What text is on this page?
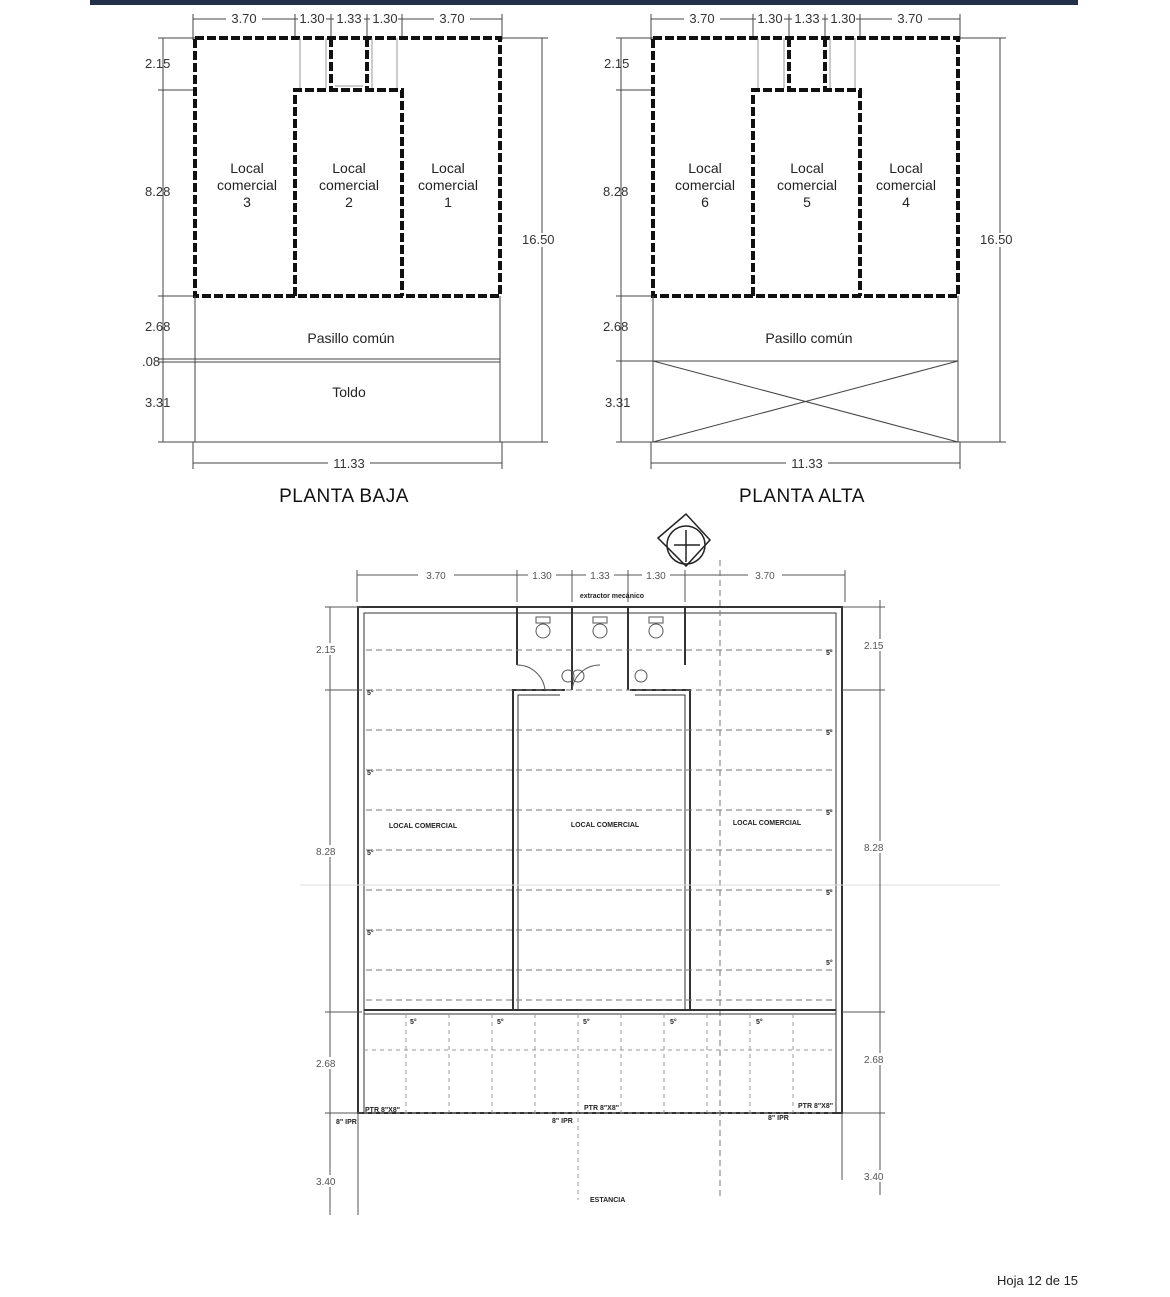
3.70	1.30 1.33 1.30	3.70
2.15
8.28
2.68
.08
3.31
16.50
11.33
Local
comercial
3
Local
comercial
2
Local
comercial
1
Pasillo común
Toldo
PLANTA BAJA
3.70	1.30 1.33 1.30	3.70
2.15
8.28
2.68
3.31
16.50
11.33
Local
comercial
6
Local
comercial
5
Local
comercial
4
Pasillo común
PLANTA ALTA
3.70	1.30	1.33	1.30	3.70
extractor mecánico
5°
5°
5°
5°
5°
5°
5°
5°
5°
5°	5°	5°	5°	5°
LOCAL COMERCIAL	LOCAL COMERCIAL	LOCAL COMERCIAL
PTR 8"X8"	PTR 8"X8"	PTR 8"X8"
8" IPR	8" IPR	8" IPR
ESTANCIA
2.15
8.28
2.68
3.40
2.15
8.28
2.68
3.40
Hoja 12 de 15
